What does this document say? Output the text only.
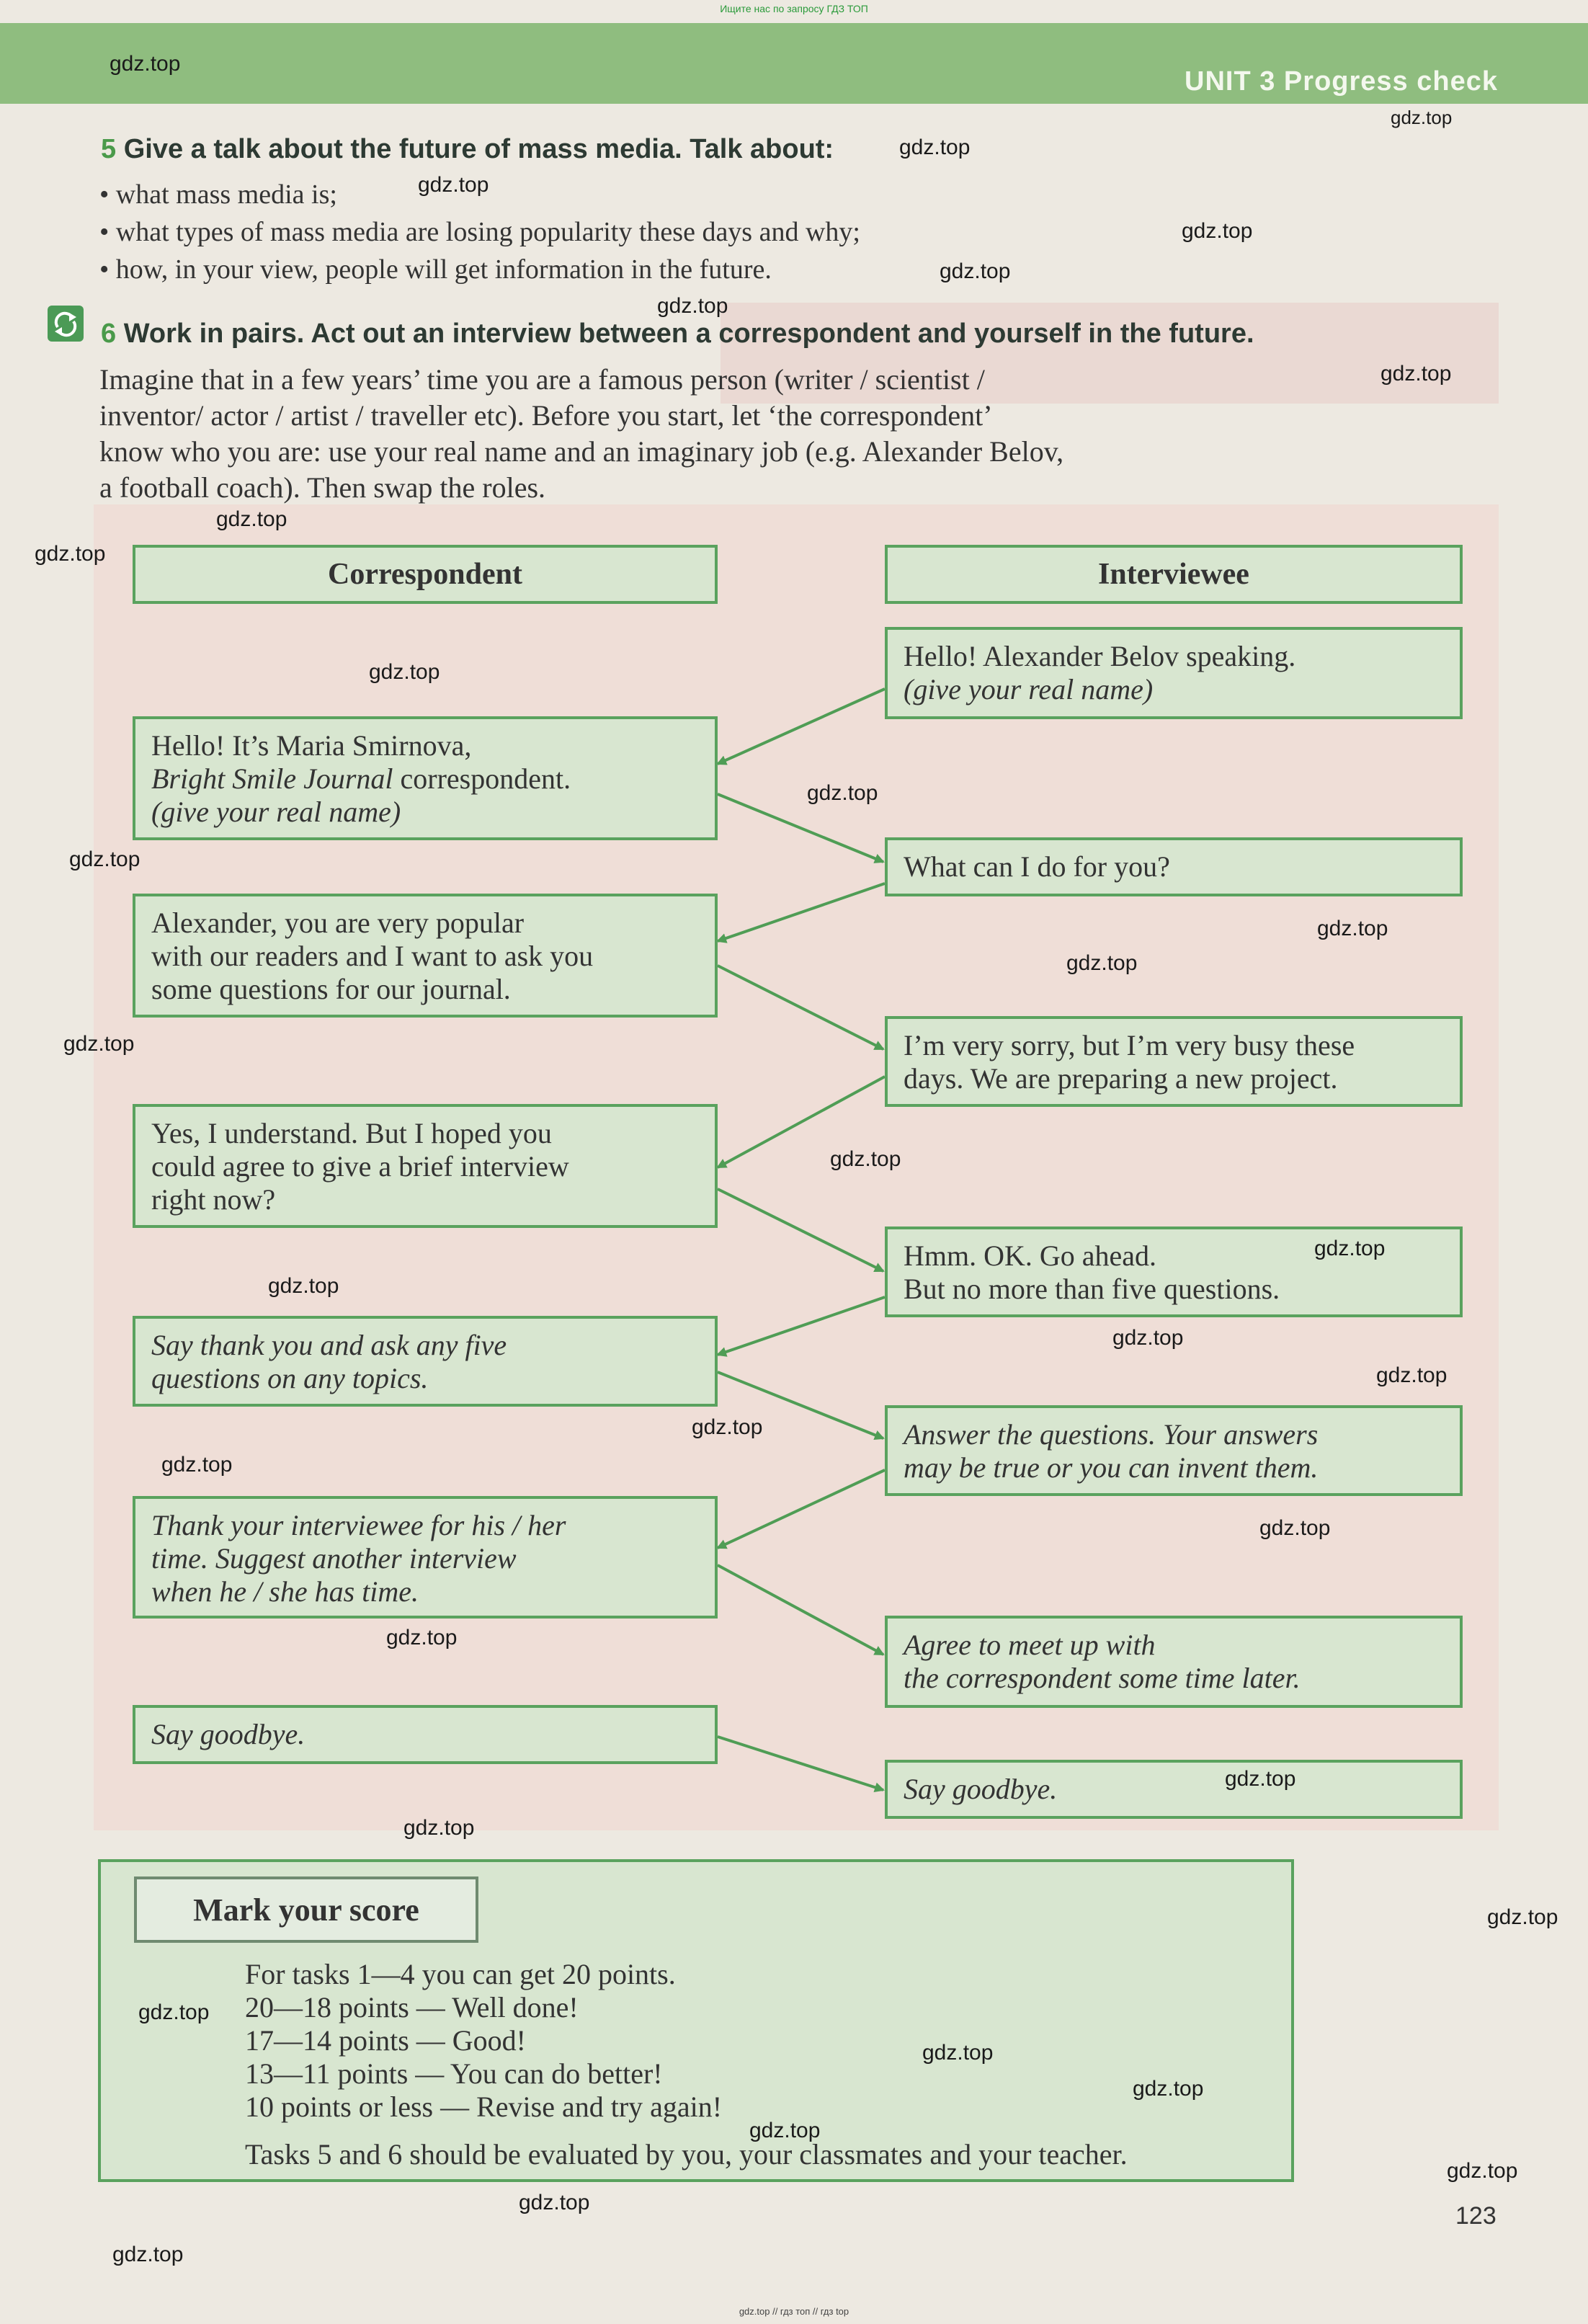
Ищите нас по запросу ГДЗ ТОП
gdz.top // гдз топ // гдз top
UNIT 3 Progress check
5 Give a talk about the future of mass media. Talk about:
• what mass media is;
• what types of mass media are losing popularity these days and why;
• how, in your view, people will get information in the future.
6 Work in pairs. Act out an interview between a correspondent and yourself in the future.
Imagine that in a few years’ time you are a famous person (writer / scientist /
inventor/ actor / artist / traveller etc). Before you start, let ‘the correspondent’
know who you are: use your real name and an imaginary job (e.g. Alexander Belov,
a football coach). Then swap the roles.
Correspondent	Interviewee
Hello! Alexander Belov speaking.
(give your real name)
What can I do for you?
I’m very sorry, but I’m very busy these
days. We are preparing a new project.
Hmm. OK. Go ahead.
But no more than five questions.
Answer the questions. Your answers
may be true or you can invent them.
Agree to meet up with
the correspondent some time later.
Say goodbye.
Hello! It’s Maria Smirnova,
Bright Smile Journal correspondent.
(give your real name)
Alexander, you are very popular
with our readers and I want to ask you
some questions for our journal.
Yes, I understand. But I hoped you
could agree to give a brief interview
right now?
Say thank you and ask any five
questions on any topics.
Thank your interviewee for his / her
time. Suggest another interview
when he / she has time.
Say goodbye.
Mark your score
For tasks 1—4 you can get 20 points.
20—18 points — Well done!
17—14 points — Good!
13—11 points — You can do better!
10 points or less — Revise and try again!
Tasks 5 and 6 should be evaluated by you, your classmates and your teacher.
123
gdz.top
gdz.top
gdz.top
gdz.top
gdz.top
gdz.top
gdz.top
gdz.top
gdz.top
gdz.top
gdz.top
gdz.top
gdz.top
gdz.top
gdz.top
gdz.top
gdz.top
gdz.top
gdz.top
gdz.top
gdz.top
gdz.top
gdz.top
gdz.top
gdz.top
gdz.top
gdz.top
gdz.top
gdz.top
gdz.top
gdz.top
gdz.top
gdz.top
gdz.top
gdz.top
